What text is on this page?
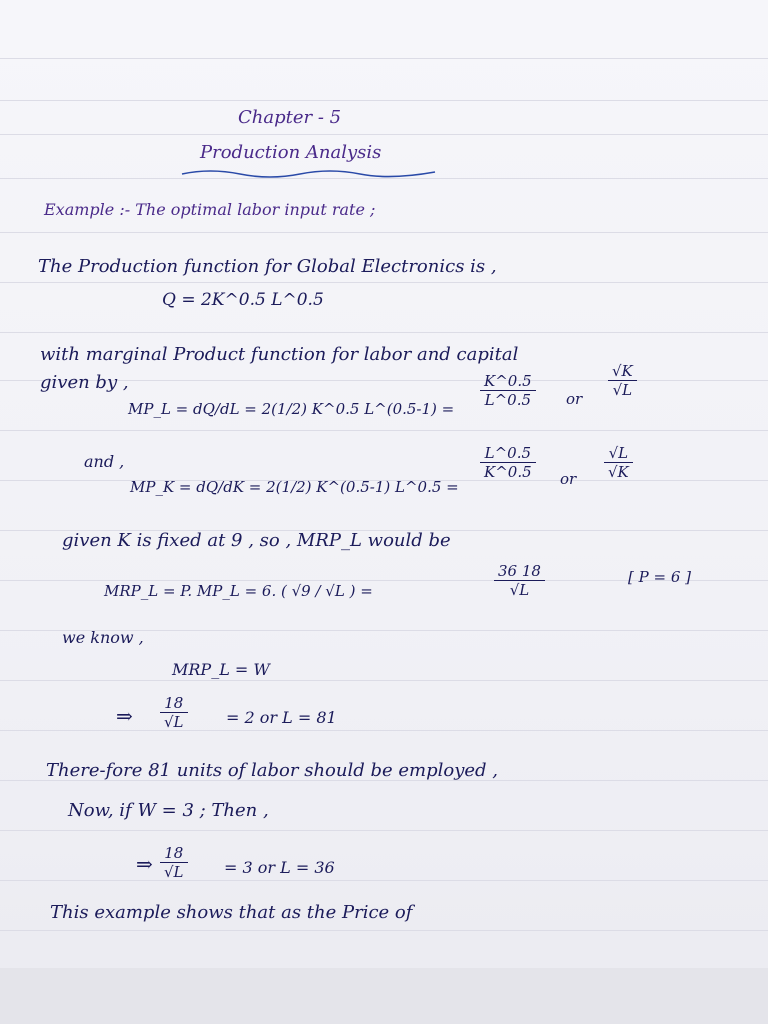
Chapter - 5
Production Analysis
Example :- The optimal labor input rate ;
The Production function for Global Electronics is ,
Q = 2K^0.5 L^0.5
with marginal Product function for labor and capital
given by ,
MP_L = dQ/dL = 2(1/2) K^0.5 L^(0.5-1) = $\frac{K\^{}0.5}{L\^{}0.5}$ or $\frac{√K}{√L}$
and ,
MP_K = dQ/dK = 2(1/2) K^(0.5-1) L^0.5 =
$\frac{L\^{}0.5}{K\^{}0.5}$ or $\frac{√L}{√K}$
given K is fixed at 9 , so , MRP_L would be
MRP_L = P. MP_L = 6. ( √9 / √L ) =	$\frac{36 18}{√L}$	[ P = 6 ]
we know ,
MRP_L = W
⇒ $\frac{18}{√L} = 2$ or L = 81
There-fore 81 units of labor should be employed ,
Now, if W = 3 ; Then ,
⇒ $\frac{18}{√L} = 3$ or L = 36
This example shows that as the Price of
